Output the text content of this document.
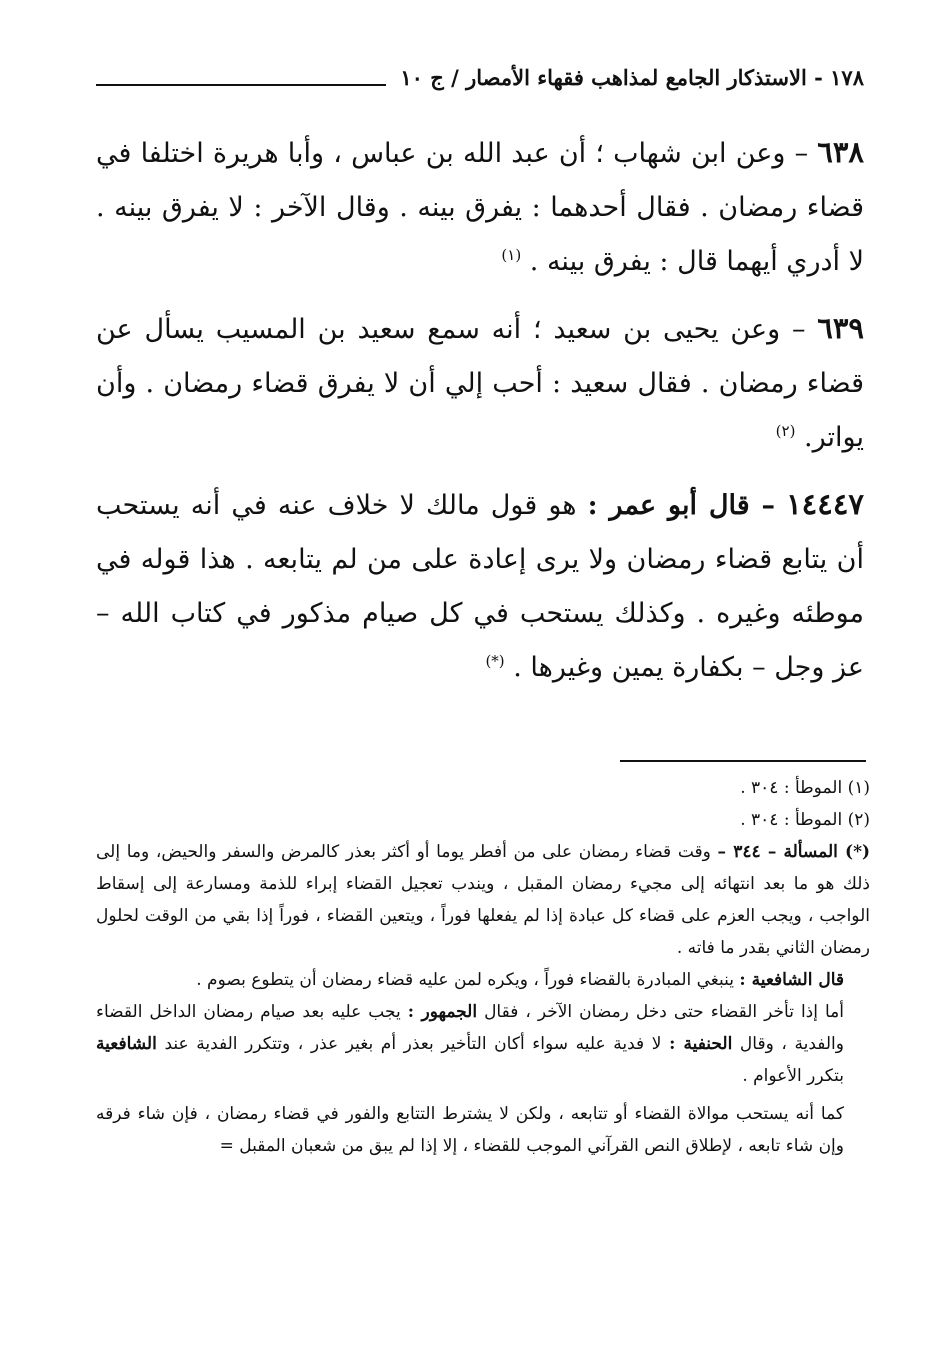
١٧٨ - الاستذكار الجامع لمذاهب فقهاء الأمصار / ج ١٠

٦٣٨ – وعن ابن شهاب ؛ أن عبد الله بن عباس ، وأبا هريرة اختلفا في قضاء رمضان . فقال أحدهما : يفرق بينه . وقال الآخر : لا يفرق بينه . لا أدري أيهما قال : يفرق بينه . $^{(١)}$

٦٣٩ – وعن يحيى بن سعيد ؛ أنه سمع سعيد بن المسيب يسأل عن قضاء رمضان . فقال سعيد : أحب إلي أن لا يفرق قضاء رمضان . وأن يواتر. $^{(٢)}$

١٤٤٤٧ – قال أبو عمر : هو قول مالك لا خلاف عنه في أنه يستحب أن يتابع قضاء رمضان ولا يرى إعادة على من لم يتابعه . هذا قوله في موطئه وغيره . وكذلك يستحب في كل صيام مذكور في كتاب الله – عز وجل – بكفارة يمين وغيرها . (*)

(١) الموطأ : ٣٠٤ .

(٢) الموطأ : ٣٠٤ .

(*) المسألة – ٣٤٤ – وقت قضاء رمضان على من أفطر يوما أو أكثر بعذر كالمرض والسفر والحيض، وما إلى ذلك هو ما بعد انتهائه إلى مجيء رمضان المقبل ، ويندب تعجيل القضاء إبراء للذمة ومسارعة إلى إسقاط الواجب ، ويجب العزم على قضاء كل عبادة إذا لم يفعلها فوراً ، ويتعين القضاء ، فوراً إذا بقي من الوقت لحلول رمضان الثاني بقدر ما فاته .

قال الشافعية : ينبغي المبادرة بالقضاء فوراً ، ويكره لمن عليه قضاء رمضان أن يتطوع بصوم .

أما إذا تأخر القضاء حتى دخل رمضان الآخر ، فقال الجمهور : يجب عليه بعد صيام رمضان الداخل القضاء والفدية ، وقال الحنفية : لا فدية عليه سواء أكان التأخير بعذر أم بغير عذر ، وتتكرر الفدية عند الشافعية بتكرر الأعوام .

كما أنه يستحب موالاة القضاء أو تتابعه ، ولكن لا يشترط التتابع والفور في قضاء رمضان ، فإن شاء فرقه وإن شاء تابعه ، لإطلاق النص القرآني الموجب للقضاء ، إلا إذا لم يبق من شعبان المقبل =
